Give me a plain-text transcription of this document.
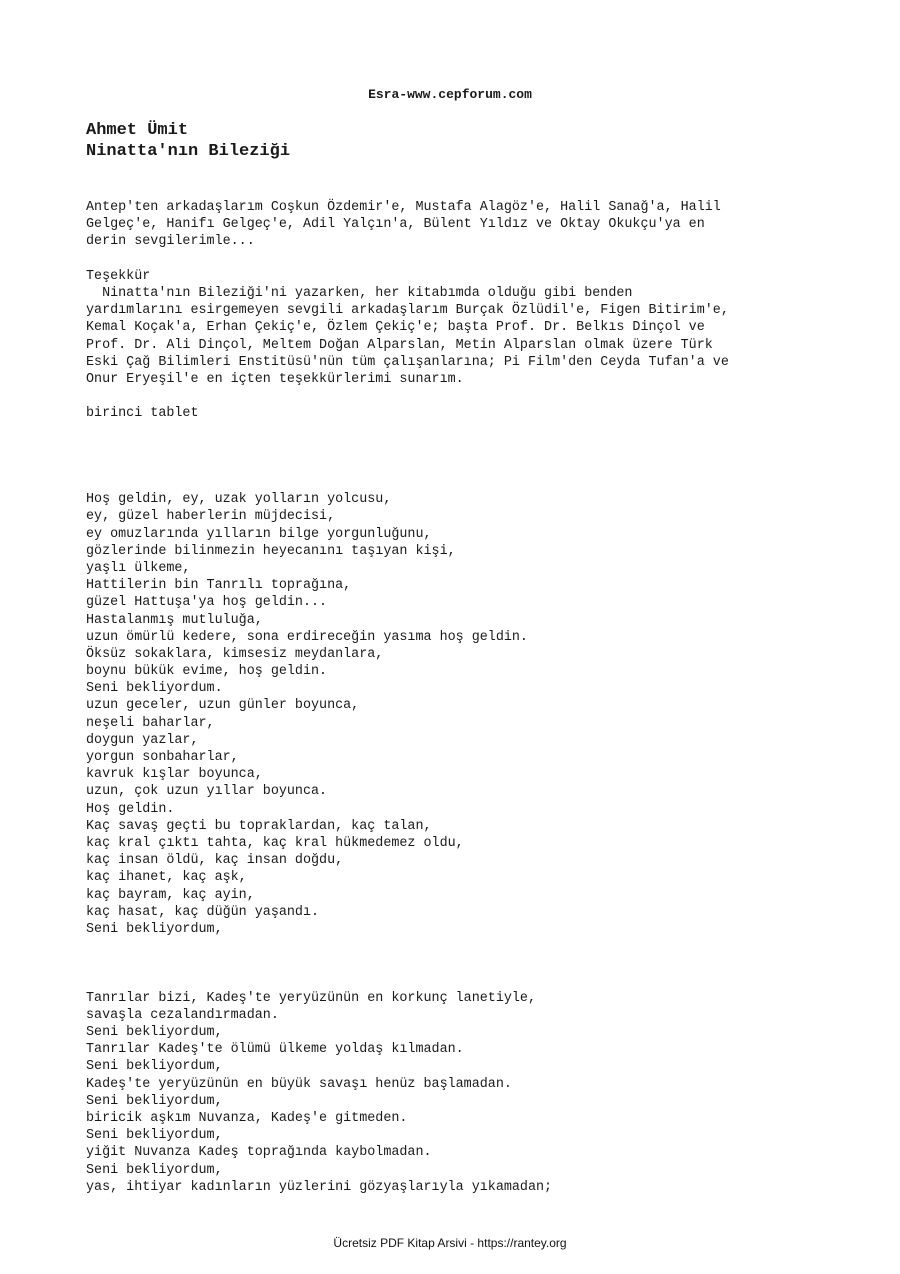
Esra-www.cepforum.com
Ahmet Ümit
Ninatta'nın Bileziği
Antep'ten arkadaşlarım Coşkun Özdemir'e, Mustafa Alagöz'e, Halil Sanağ'a, Halil
Gelgeç'e, Hanifı Gelgeç'e, Adil Yalçın'a, Bülent Yıldız ve Oktay Okukçu'ya en
derin sevgilerimle...
Teşekkür
Ninatta'nın Bileziği'ni yazarken, her kitabımda olduğu gibi benden
yardımlarını esirgemeyen sevgili arkadaşlarım Burçak Özlüdil'e, Figen Bitirim'e,
Kemal Koçak'a, Erhan Çekiç'e, Özlem Çekiç'e; başta Prof. Dr. Belkıs Dinçol ve
Prof. Dr. Ali Dinçol, Meltem Doğan Alparslan, Metin Alparslan olmak üzere Türk
Eski Çağ Bilimleri Enstitüsü'nün tüm çalışanlarına; Pi Film'den Ceyda Tufan'a ve
Onur Eryeşil'e en içten teşekkürlerimi sunarım.
birinci tablet
Hoş geldin, ey, uzak yolların yolcusu,
ey, güzel haberlerin müjdecisi,
ey omuzlarında yılların bilge yorgunluğunu,
gözlerinde bilinmezin heyecanını taşıyan kişi,
yaşlı ülkeme,
Hattilerin bin Tanrılı toprağına,
güzel Hattuşa'ya hoş geldin...
Hastalanmış mutluluğa,
uzun ömürlü kedere, sona erdireceğin yasıma hoş geldin.
Öksüz sokaklara, kimsesiz meydanlara,
boynu bükük evime, hoş geldin.
Seni bekliyordum.
uzun geceler, uzun günler boyunca,
neşeli baharlar,
doygun yazlar,
yorgun sonbaharlar,
kavruk kışlar boyunca,
uzun, çok uzun yıllar boyunca.
Hoş geldin.
Kaç savaş geçti bu topraklardan, kaç talan,
kaç kral çıktı tahta, kaç kral hükmedemez oldu,
kaç insan öldü, kaç insan doğdu,
kaç ihanet, kaç aşk,
kaç bayram, kaç ayin,
kaç hasat, kaç düğün yaşandı.
Seni bekliyordum,
Tanrılar bizi, Kadeş'te yeryüzünün en korkunç lanetiyle,
savaşla cezalandırmadan.
Seni bekliyordum,
Tanrılar Kadeş'te ölümü ülkeme yoldaş kılmadan.
Seni bekliyordum,
Kadeş'te yeryüzünün en büyük savaşı henüz başlamadan.
Seni bekliyordum,
biricik aşkım Nuvanza, Kadeş'e gitmeden.
Seni bekliyordum,
yiğit Nuvanza Kadeş toprağında kaybolmadan.
Seni bekliyordum,
yas, ihtiyar kadınların yüzlerini gözyaşlarıyla yıkamadan;
Ücretsiz PDF Kitap Arsivi - https://rantey.org
